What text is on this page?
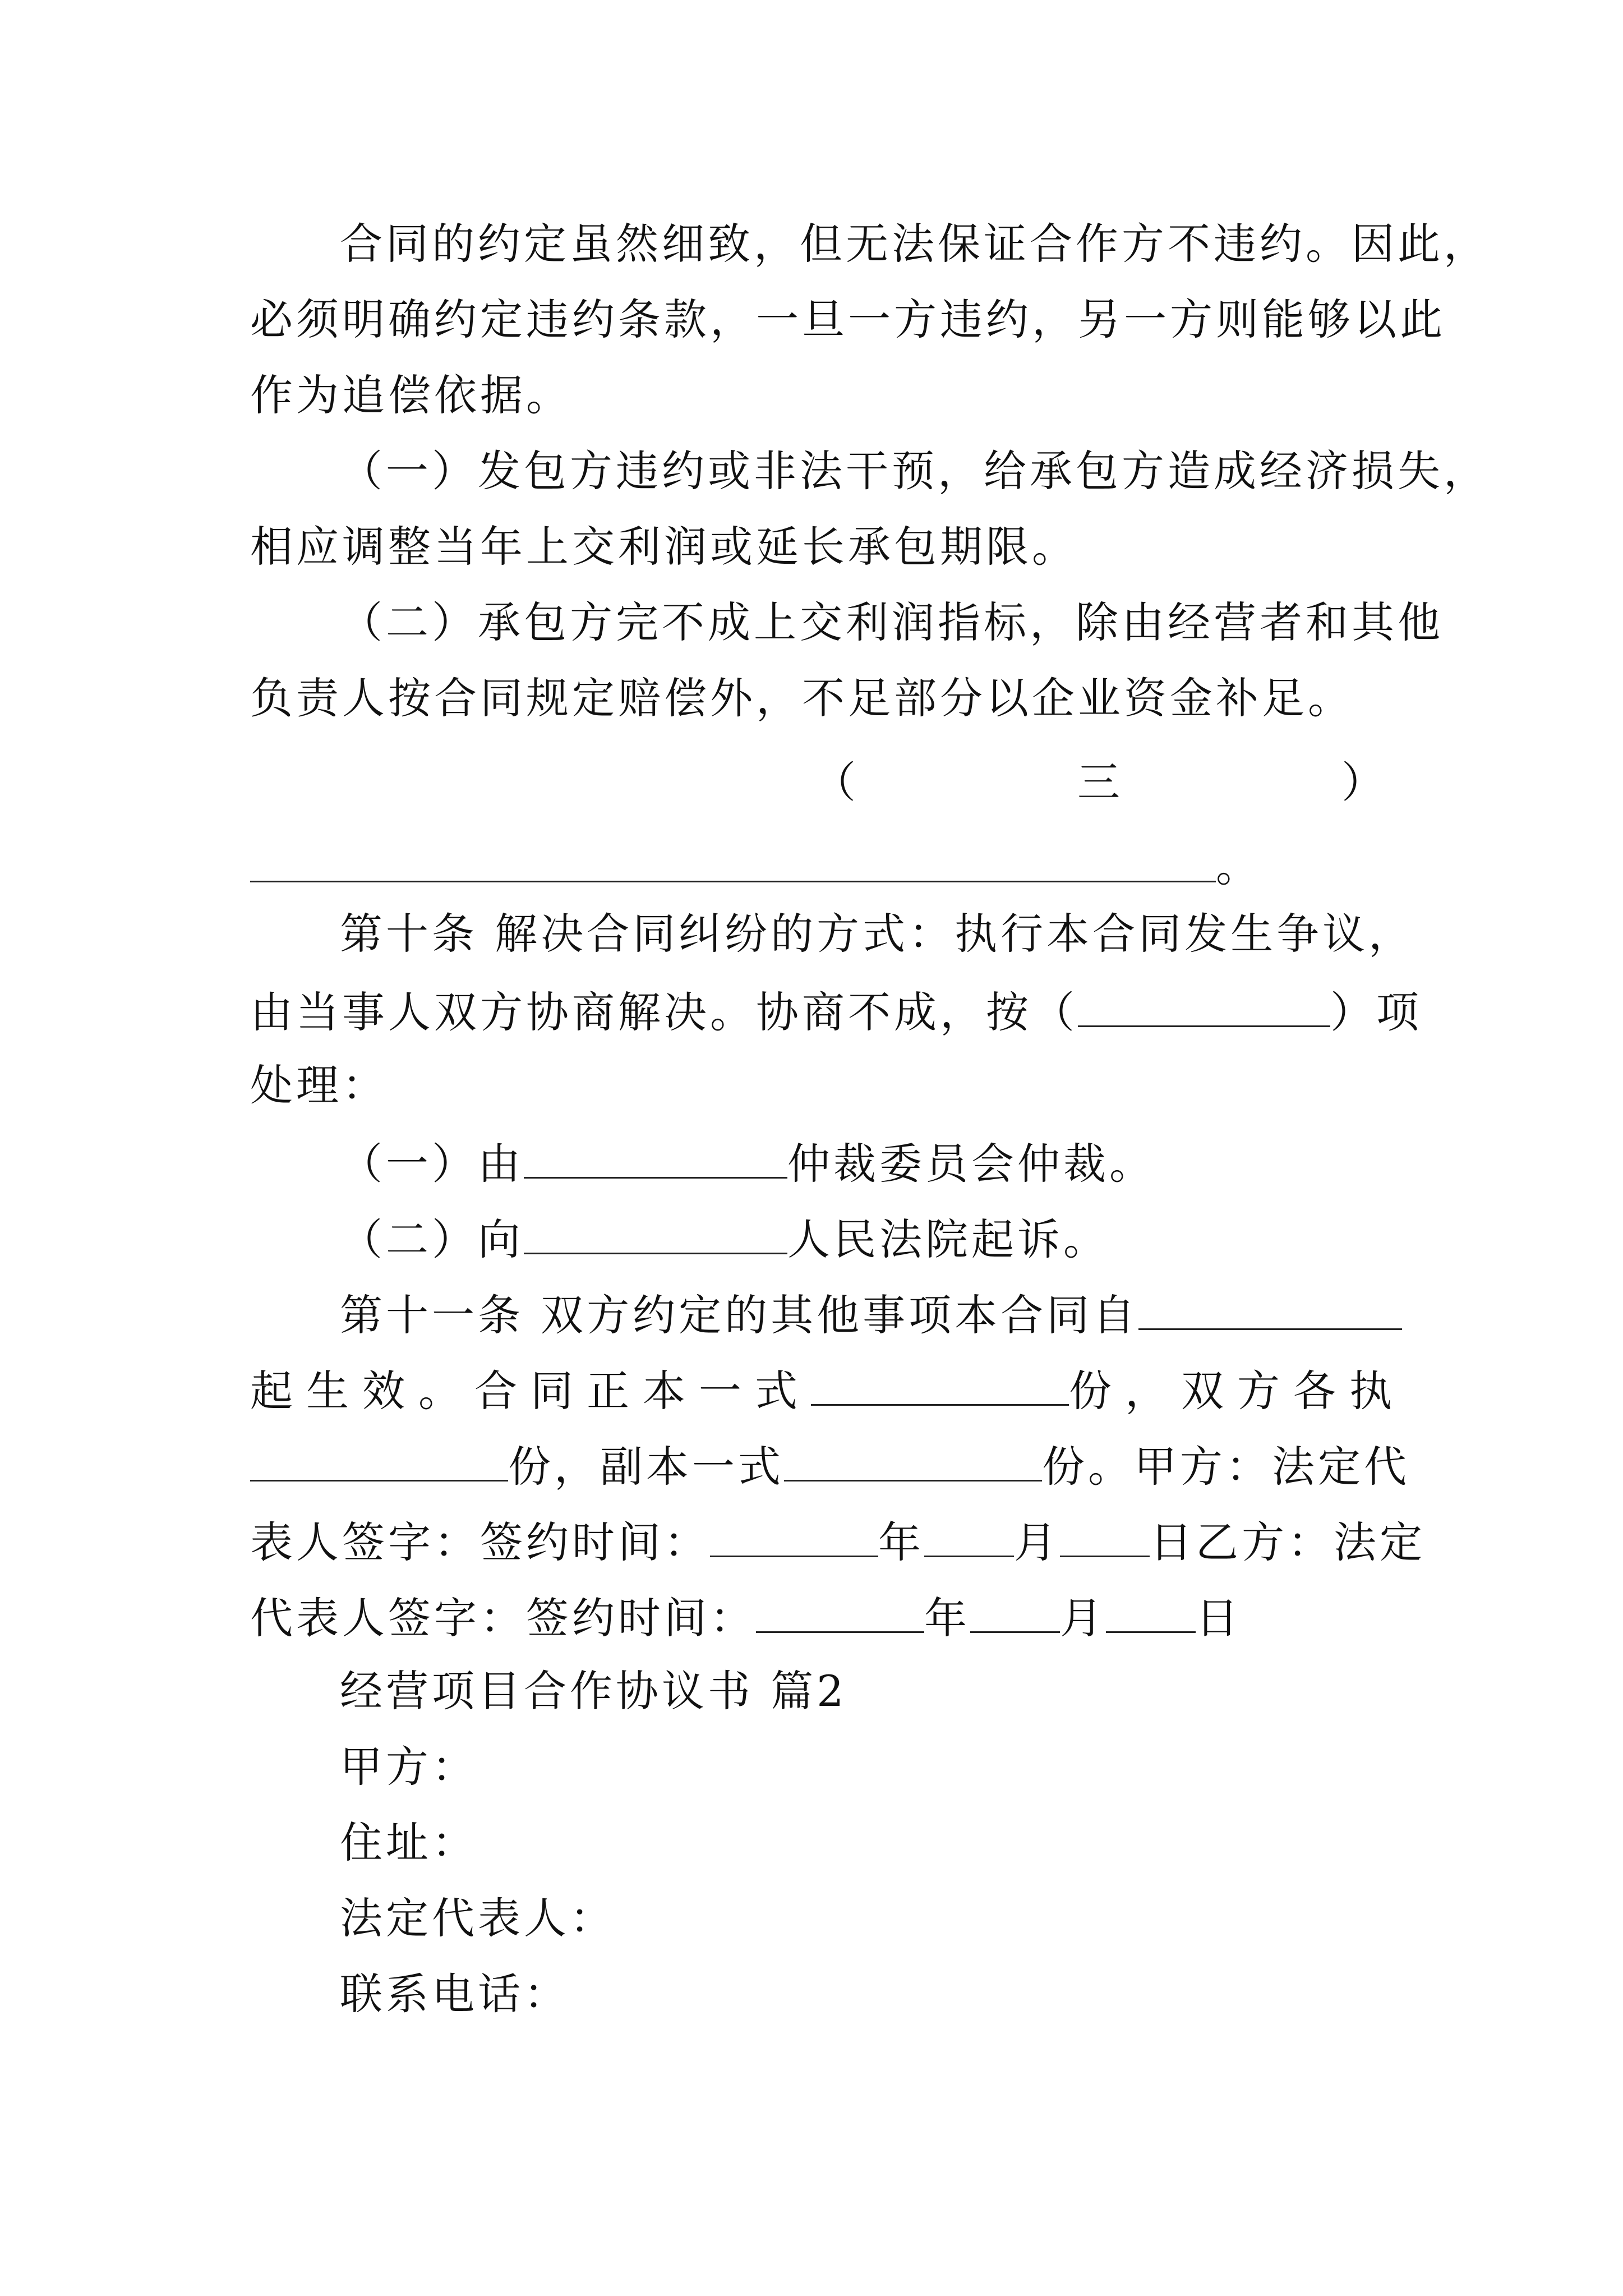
合同的约定虽然细致，但无法保证合作方不违约。因此，
必须明确约定违约条款，一旦一方违约，另一方则能够以此
作为追偿依据。
（一）发包方违约或非法干预，给承包方造成经济损失，
相应调整当年上交利润或延长承包期限。
（二）承包方完不成上交利润指标，除由经营者和其他
负责人按合同规定赔偿外，不足部分以企业资金补足。
（	三	）
。
第十条 解决合同纠纷的方式：执行本合同发生争议，
由当事人双方协商解决。协商不成，按（	）项
处理：
（一）由	仲裁委员会仲裁。
（二）向	人民法院起诉。
第十一条 双方约定的其他事项本合同自
起生效。合同正本一式	份，双方各执
份，副本一式	份。甲方：法定代
表人签字：签约时间：	年 月 日乙方：法定
代表人签字：签约时间：	年 月 日
经营项目合作协议书 篇2
甲方：
住址：
法定代表人：
联系电话：
